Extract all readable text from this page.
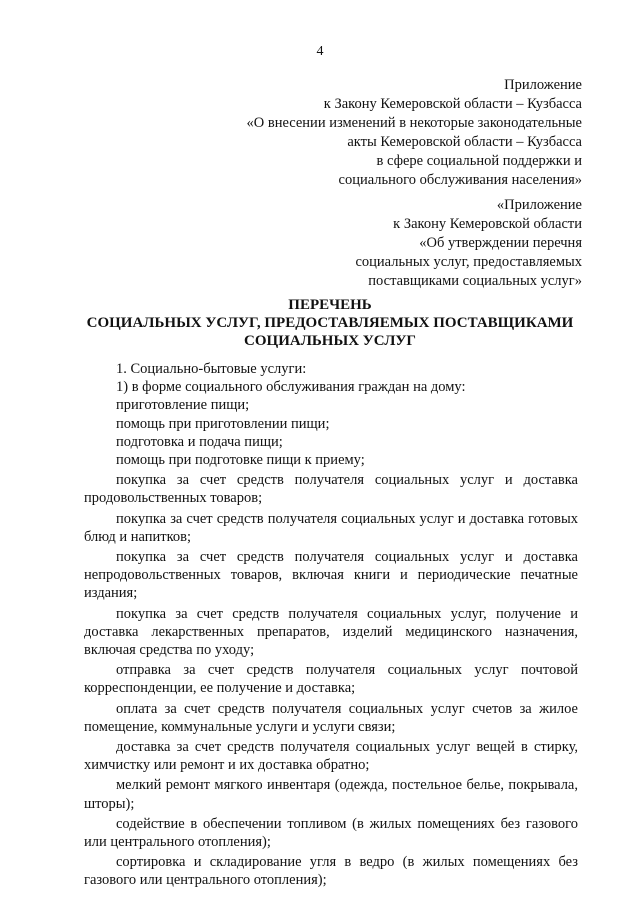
4
Приложение
к Закону Кемеровской области – Кузбасса
«О внесении изменений в некоторые законодательные
акты Кемеровской области – Кузбасса
в сфере социальной поддержки и
социального обслуживания населения»
«Приложение
к Закону Кемеровской области
«Об утверждении перечня
социальных услуг, предоставляемых
поставщиками социальных услуг»
ПЕРЕЧЕНЬ
СОЦИАЛЬНЫХ УСЛУГ, ПРЕДОСТАВЛЯЕМЫХ ПОСТАВЩИКАМИ
СОЦИАЛЬНЫХ УСЛУГ

1. Социально-бытовые услуги:

1) в форме социального обслуживания граждан на дому:

приготовление пищи;

помощь при приготовлении пищи;

подготовка и подача пищи;

помощь при подготовке пищи к приему;

покупка за счет средств получателя социальных услуг и доставка продовольственных товаров;

покупка за счет средств получателя социальных услуг и доставка готовых блюд и напитков;

покупка за счет средств получателя социальных услуг и доставка непродовольственных товаров, включая книги и периодические печатные издания;

покупка за счет средств получателя социальных услуг, получение и доставка лекарственных препаратов, изделий медицинского назначения, включая средства по уходу;

отправка за счет средств получателя социальных услуг почтовой корреспонденции, ее получение и доставка;

оплата за счет средств получателя социальных услуг счетов за жилое помещение, коммунальные услуги и услуги связи;

доставка за счет средств получателя социальных услуг вещей в стирку, химчистку или ремонт и их доставка обратно;

мелкий ремонт мягкого инвентаря (одежда, постельное белье, покрывала, шторы);

содействие в обеспечении топливом (в жилых помещениях без газового или центрального отопления);

сортировка и складирование угля в ведро (в жилых помещениях без газового или центрального отопления);
